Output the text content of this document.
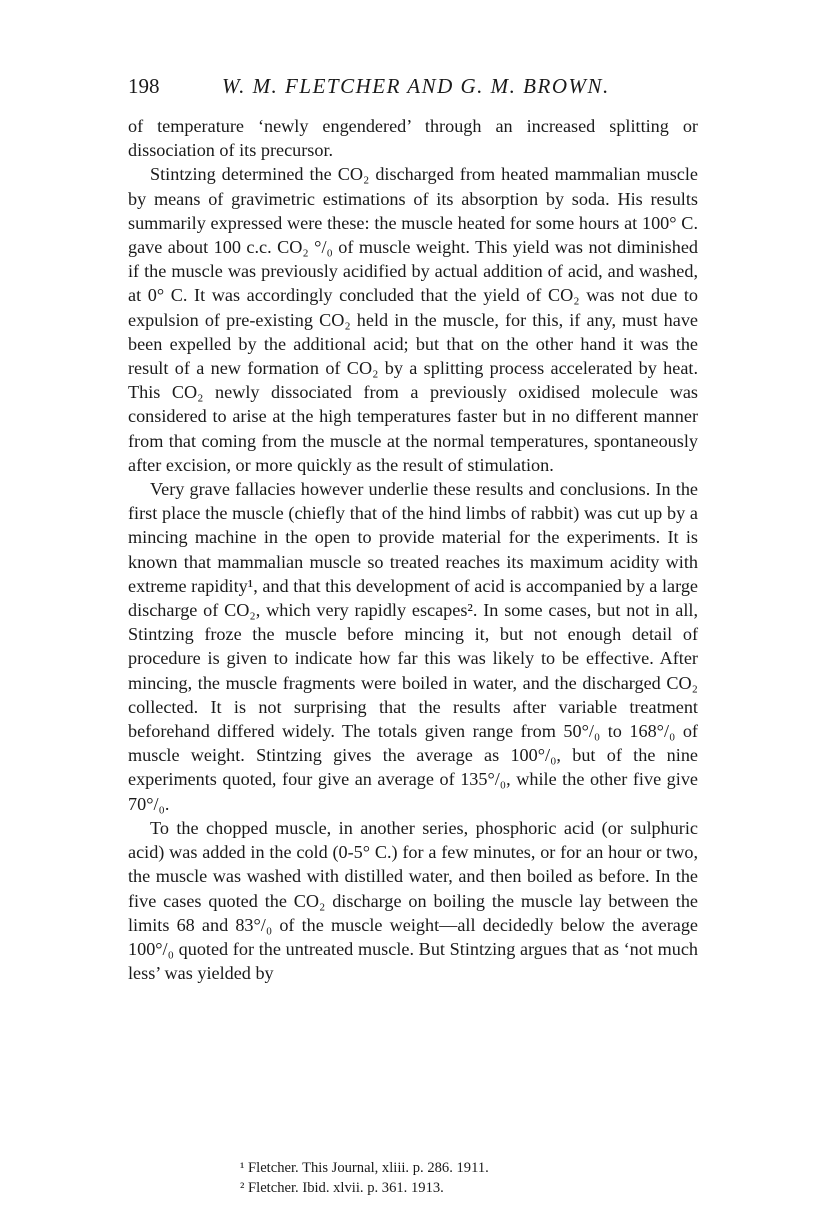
198	W. M. FLETCHER AND G. M. BROWN.

of temperature ‘newly engendered’ through an increased splitting or dissociation of its precursor.

Stintzing determined the CO₂ discharged from heated mammalian muscle by means of gravimetric estimations of its absorption by soda. His results summarily expressed were these: the muscle heated for some hours at 100° C. gave about 100 c.c. CO₂ °/₀ of muscle weight. This yield was not diminished if the muscle was previously acidified by actual addition of acid, and washed, at 0° C. It was accordingly concluded that the yield of CO₂ was not due to expulsion of pre-existing CO₂ held in the muscle, for this, if any, must have been expelled by the additional acid; but that on the other hand it was the result of a new formation of CO₂ by a splitting process accelerated by heat. This CO₂ newly dissociated from a previously oxidised molecule was considered to arise at the high temperatures faster but in no different manner from that coming from the muscle at the normal temperatures, spontaneously after excision, or more quickly as the result of stimulation.

Very grave fallacies however underlie these results and conclusions. In the first place the muscle (chiefly that of the hind limbs of rabbit) was cut up by a mincing machine in the open to provide material for the experiments. It is known that mammalian muscle so treated reaches its maximum acidity with extreme rapidity¹, and that this development of acid is accompanied by a large discharge of CO₂, which very rapidly escapes². In some cases, but not in all, Stintzing froze the muscle before mincing it, but not enough detail of procedure is given to indicate how far this was likely to be effective. After mincing, the muscle fragments were boiled in water, and the discharged CO₂ collected. It is not surprising that the results after variable treatment beforehand differed widely. The totals given range from 50°/₀ to 168°/₀ of muscle weight. Stintzing gives the average as 100°/₀, but of the nine experiments quoted, four give an average of 135°/₀, while the other five give 70°/₀.

To the chopped muscle, in another series, phosphoric acid (or sulphuric acid) was added in the cold (0-5° C.) for a few minutes, or for an hour or two, the muscle was washed with distilled water, and then boiled as before. In the five cases quoted the CO₂ discharge on boiling the muscle lay between the limits 68 and 83°/₀ of the muscle weight—all decidedly below the average 100°/₀ quoted for the untreated muscle. But Stintzing argues that as ‘not much less’ was yielded by

¹ Fletcher. This Journal, xliii. p. 286. 1911.
² Fletcher. Ibid. xlvii. p. 361. 1913.
